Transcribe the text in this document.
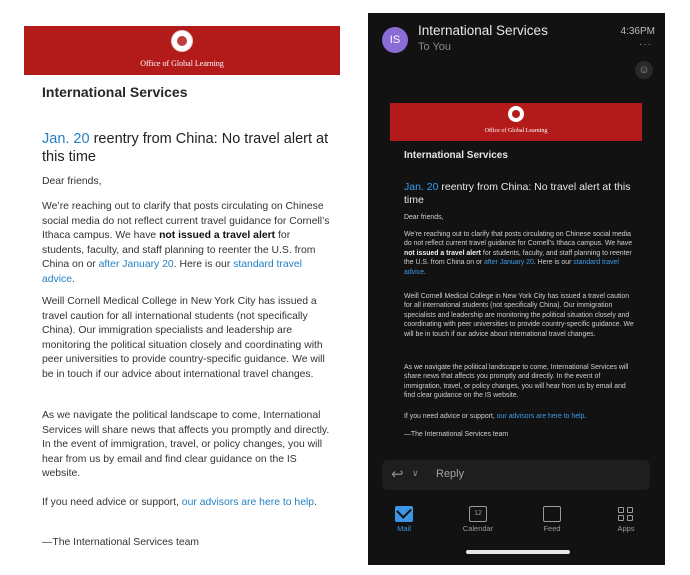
Office of Global Learning
International Services
Jan. 20 reentry from China: No travel alert at this time
Dear friends,
We’re reaching out to clarify that posts circulating on Chinese social media do not reflect current travel guidance for Cornell’s Ithaca campus. We have not issued a travel alert for students, faculty, and staff planning to reenter the U.S. from China on or after January 20. Here is our standard travel advice.
Weill Cornell Medical College in New York City has issued a travel caution for all international students (not specifically China). Our immigration specialists and leadership are monitoring the political situation closely and coordinating with peer universities to provide country-specific guidance. We will be in touch if our advice about international travel changes.
As we navigate the political landscape to come, International Services will share news that affects you promptly and directly. In the event of immigration, travel, or policy changes, you will hear from us by email and find clear guidance on the IS website.
If you need advice or support, our advisors are here to help.
—The International Services team
IS
International Services
To You
4:36PM
···
☺
Office of Global Learning
International Services
Jan. 20 reentry from China: No travel alert at this time
Dear friends,
We’re reaching out to clarify that posts circulating on Chinese social media do not reflect current travel guidance for Cornell’s Ithaca campus. We have not issued a travel alert for students, faculty, and staff planning to reenter the U.S. from China on or after January 20. Here is our standard travel advice.
Weill Cornell Medical College in New York City has issued a travel caution for all international students (not specifically China). Our immigration specialists and leadership are monitoring the political situation closely and coordinating with peer universities to provide country-specific guidance. We will be in touch if our advice about international travel changes.
As we navigate the political landscape to come, International Services will share news that affects you promptly and directly. In the event of immigration, travel, or policy changes, you will hear from us by email and find clear guidance on the IS website.
If you need advice or support, our advisors are here to help.
—The International Services team
↩ ∨ Reply
Mail
12
Calendar	Feed	Apps
